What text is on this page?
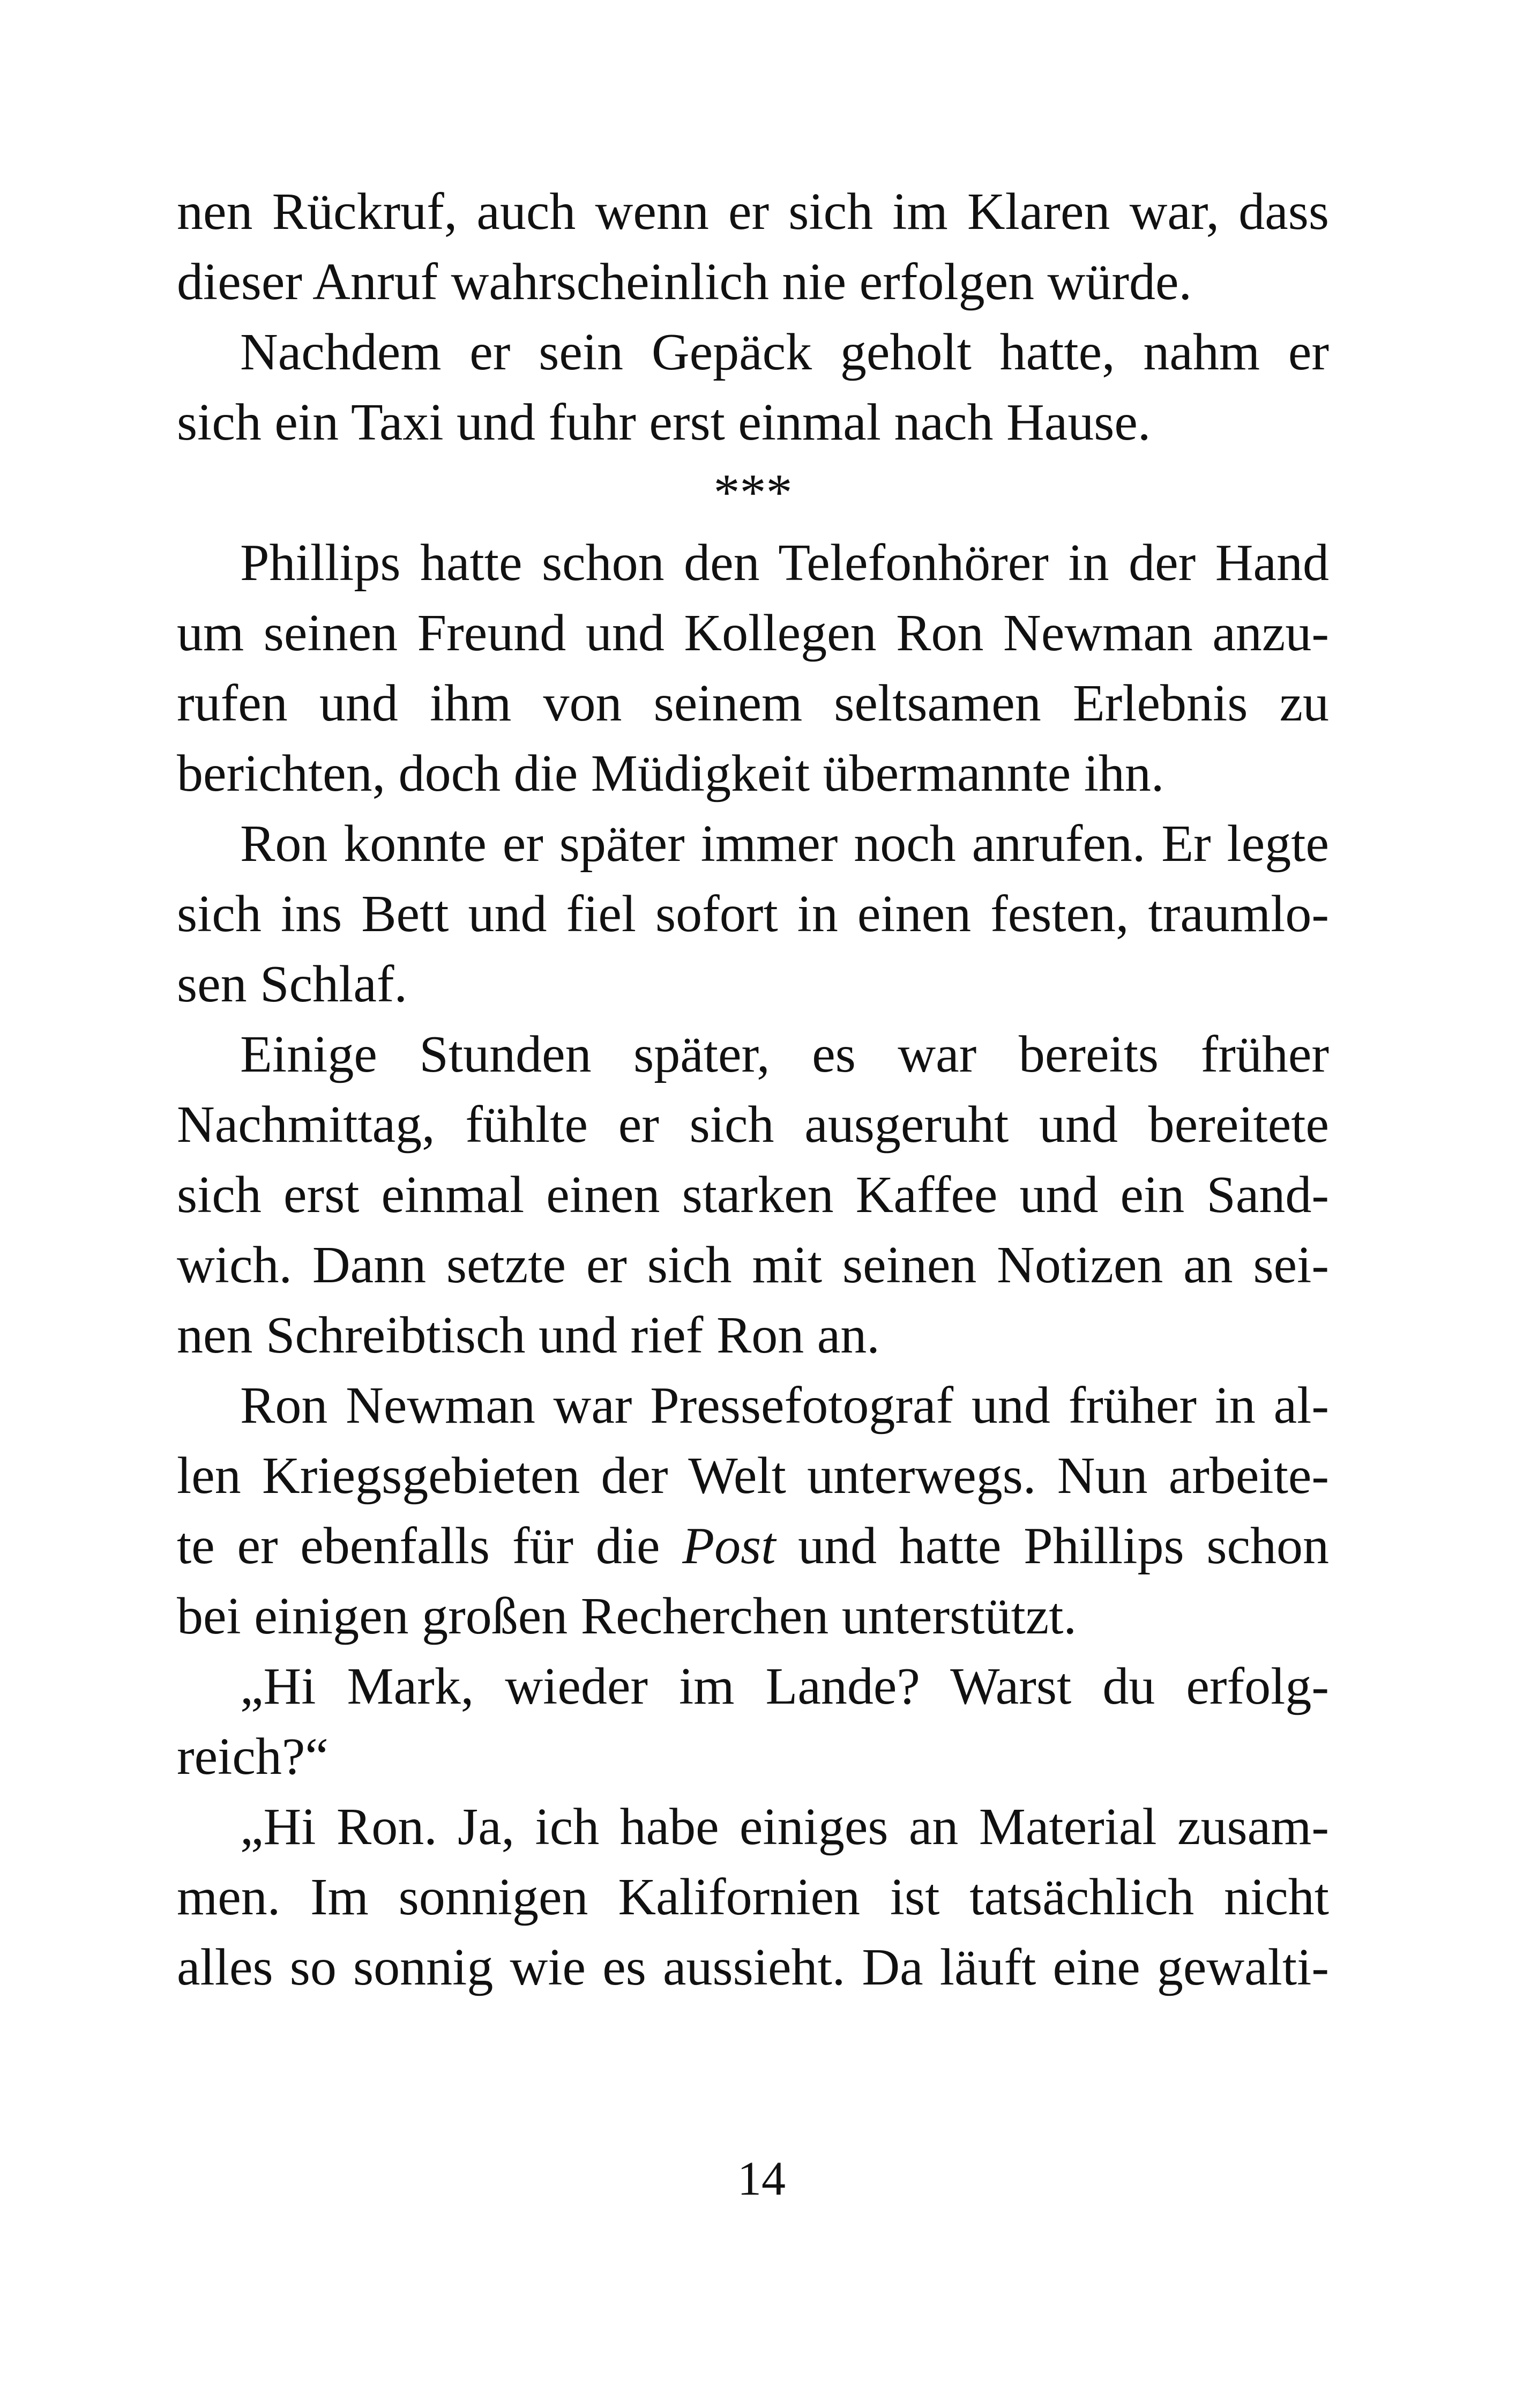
nen Rückruf, auch wenn er sich im Klaren war, dass
dieser Anruf wahrscheinlich nie erfolgen würde.
Nachdem er sein Gepäck geholt hatte, nahm er
sich ein Taxi und fuhr erst einmal nach Hause.
***
Phillips hatte schon den Telefonhörer in der Hand
um seinen Freund und Kollegen Ron Newman anzu-
rufen und ihm von seinem seltsamen Erlebnis zu
berichten, doch die Müdigkeit übermannte ihn.
Ron konnte er später immer noch anrufen. Er legte
sich ins Bett und fiel sofort in einen festen, traumlo-
sen Schlaf.
Einige Stunden später, es war bereits früher
Nachmittag, fühlte er sich ausgeruht und bereitete
sich erst einmal einen starken Kaffee und ein Sand-
wich. Dann setzte er sich mit seinen Notizen an sei-
nen Schreibtisch und rief Ron an.
Ron Newman war Pressefotograf und früher in al-
len Kriegsgebieten der Welt unterwegs. Nun arbeite-
te er ebenfalls für die Post und hatte Phillips schon
bei einigen großen Recherchen unterstützt.
„Hi Mark, wieder im Lande? Warst du erfolg-
reich?“
„Hi Ron. Ja, ich habe einiges an Material zusam-
men. Im sonnigen Kalifornien ist tatsächlich nicht
alles so sonnig wie es aussieht. Da läuft eine gewalti-
14
